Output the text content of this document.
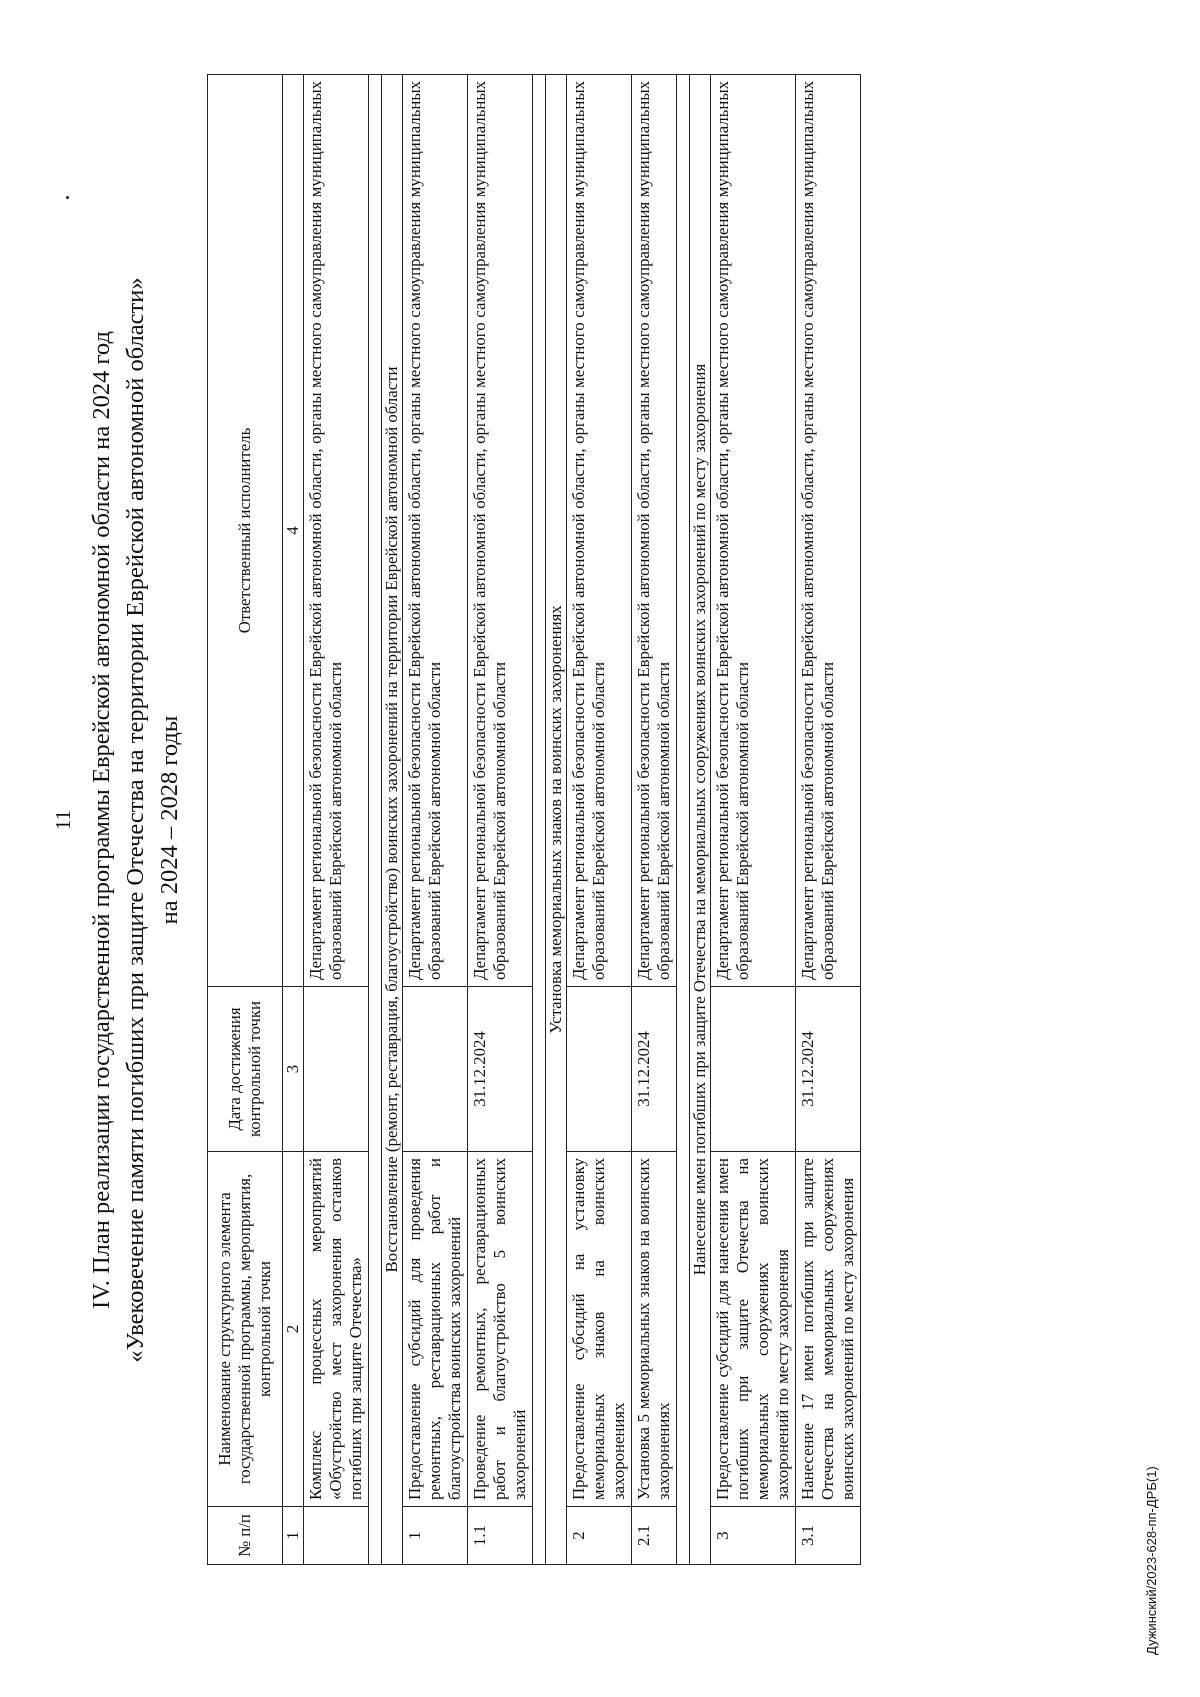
11 IV. План реализации государственной программы Еврейской автономной области на 2024 год «Увековечение памяти погибших при защите Отечества на территории Еврейской автономной области» на 2024 – 2028 годы
№ п/п	Наименование структурного элемента государственной программы, мероприятия, контрольной точки	Дата достижения контрольной точки	Ответственный исполнитель
1	2	3	4
	Комплекс процессных мероприятий «Обустройство мест захоронения останков погибших при защите Отечества»		Департамент региональной безопасности Еврейской автономной области, органы местного самоуправления муниципальных образований Еврейской автономной области

Восстановление (ремонт, реставрация, благоустройство) воинских захоронений на территории Еврейской автономной области			
1	Предоставление субсидий для проведения ремонтных, реставрационных работ и благоустройства воинских захоронений		Департамент региональной безопасности Еврейской автономной области, органы местного самоуправления муниципальных образований Еврейской автономной области
1.1	Проведение ремонтных, реставрационных работ и благоустройство 5 воинских захоронений	31.12.2024	Департамент региональной безопасности Еврейской автономной области, органы местного самоуправления муниципальных образований Еврейской автономной области

Установка мемориальных знаков на воинских захоронениях			
2	Предоставление субсидий на установку мемориальных знаков на воинских захоронениях		Департамент региональной безопасности Еврейской автономной области, органы местного самоуправления муниципальных образований Еврейской автономной области
2.1	Установка 5 мемориальных знаков на воинских захоронениях	31.12.2024	Департамент региональной безопасности Еврейской автономной области, органы местного самоуправления муниципальных образований Еврейской автономной области

Нанесение имен погибших при защите Отечества на мемориальных сооружениях воинских захоронений по месту захоронения			
3	Предоставление субсидий для нанесения имен погибших при защите Отечества на мемориальных сооружениях воинских захоронений по месту захоронения		Департамент региональной безопасности Еврейской автономной области, органы местного самоуправления муниципальных образований Еврейской автономной области
3.1	Нанесение 17 имен погибших при защите Отечества на мемориальных сооружениях воинских захоронений по месту захоронения	31.12.2024	Департамент региональной безопасности Еврейской автономной области, органы местного самоуправления муниципальных образований Еврейской автономной области
Дужинский/2023-628-пп-ДРБ(1)
